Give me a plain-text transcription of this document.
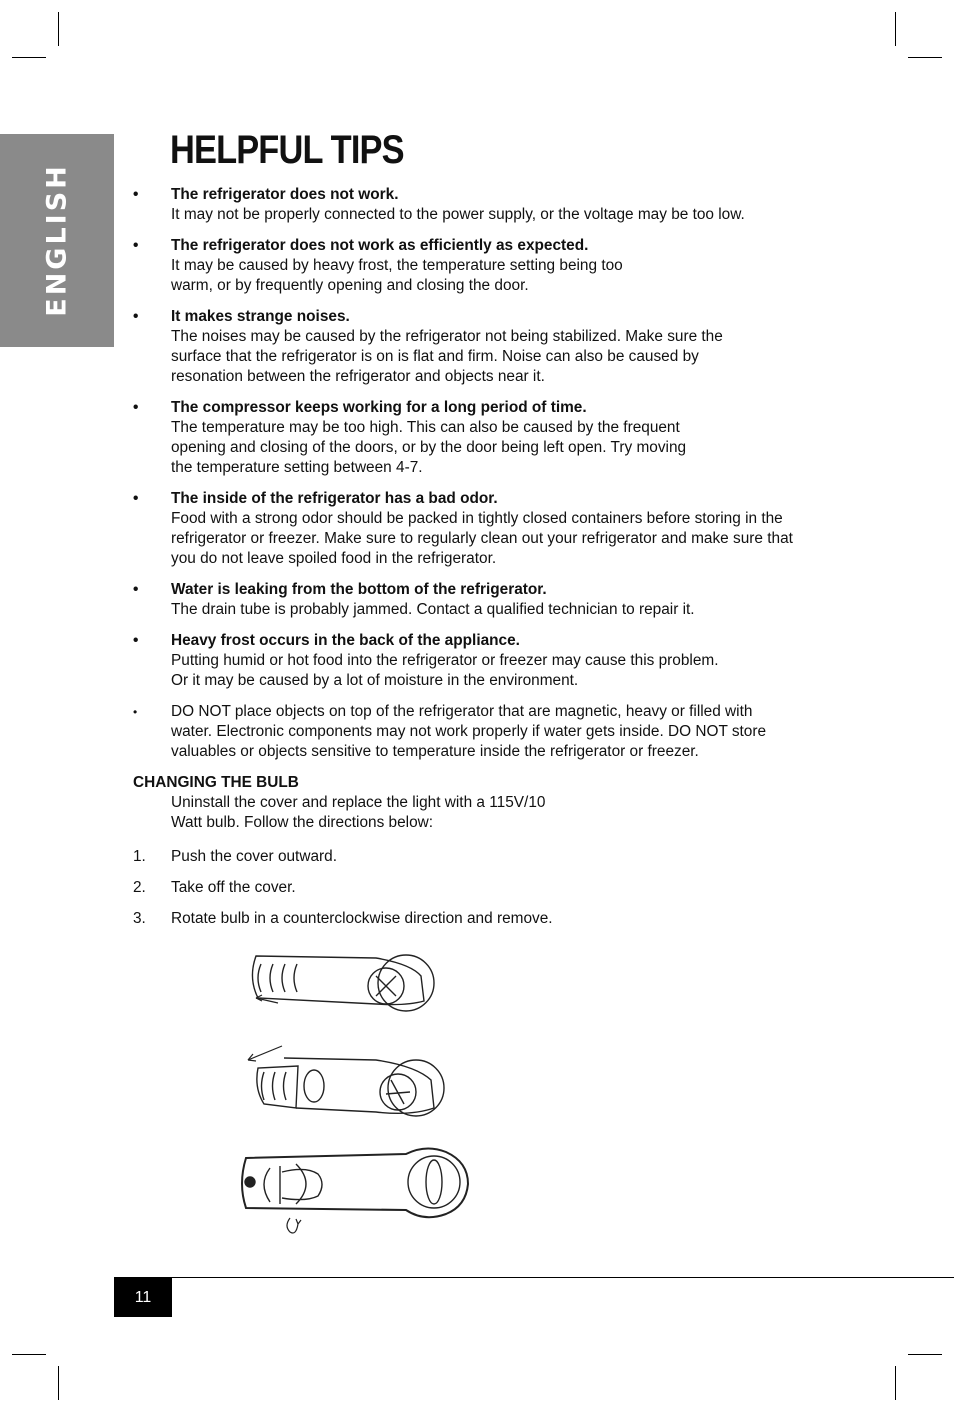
ENGLISH
HELPFUL TIPS
• The refrigerator does not work.
It may not be properly connected to the power supply, or the voltage may be too low.
• The refrigerator does not work as efficiently as expected.
It may be caused by heavy frost, the temperature setting being too warm, or by frequently opening and closing the door.
• It makes strange noises.
The noises may be caused by the refrigerator not being stabilized. Make sure the surface that the refrigerator is on is flat and firm. Noise can also be caused by resonation between the refrigerator and objects near it.
• The compressor keeps working for a long period of time.
The temperature may be too high. This can also be caused by the frequent opening and closing of the doors, or by the door being left open. Try moving the temperature setting between 4-7.
• The inside of the refrigerator has a bad odor.
Food with a strong odor should be packed in tightly closed containers before storing in the refrigerator or freezer. Make sure to regularly clean out your refrigerator and make sure that you do not leave spoiled food in the refrigerator.
• Water is leaking from the bottom of the refrigerator.
The drain tube is probably jammed. Contact a qualified technician to repair it.
• Heavy frost occurs in the back of the appliance.
Putting humid or hot food into the refrigerator or freezer may cause this problem. Or it may be caused by a lot of moisture in the environment.
• DO NOT place objects on top of the refrigerator that are magnetic, heavy or filled with water. Electronic components may not work properly if water gets inside. DO NOT store valuables or objects sensitive to temperature inside the refrigerator or freezer.
CHANGING THE BULB
Uninstall the cover and replace the light with a 115V/10 Watt bulb. Follow the directions below:
1. Push the cover outward.
2. Take off the cover.
3. Rotate bulb in a counterclockwise direction and remove.
11
